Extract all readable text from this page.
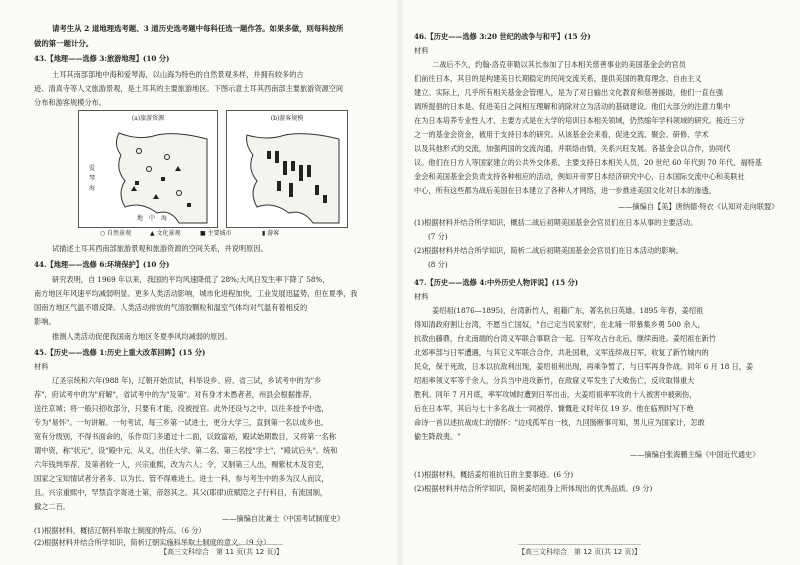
请考生从 2 道地理选考题、3 道历史选考题中每科任选一题作答。如果多做，则每科按所
做的第一题计分。
43.【地理——选修 3:旅游地理】(10 分)
土耳其南部部地中海和爱琴海，以山海为特色的自然景观多样，并拥有较多的古
迹、清真寺等人文旅游景观，是土耳其的主要旅游地区。下图示意土耳其西南部主要旅游资源空间
分布和游客规模分布。
(a)旅游资源
爱
琴
海
地 中 海
(b)游客规模
○ 自然景观	▲ 文化景观	■ 主要城市	▮ 游客
试描述土耳其西南部旅游景观和旅游资源的空间关系，并说明原因。
44.【地理——选修 6:环境保护】(10 分)
研究表明，自 1969 年以来，我国的平均风速降低了 28%;大风日发生率下降了 58%，
南方地区年风速平均减弱明显。更多人类活动影响，城市化进程加快，工业发展迅猛势，但在夏季，我
国南方地区气温不增反降。人类活动排放的气溶胶颗粒和温室气体均对气温有着相反的
影响。
推测人类活动促使我国南方地区冬夏季风均减弱的原因。
45.【历史——选修 1:历史上重大改革回眸】(15 分)
材料
辽圣宗统和六年(988 年)，辽朝开始贡试，科举设乡、府、省三试，乡试考中的为"乡
荐"，府试考中的为"府解"，省试考中的为"及第"。对有身才未愚者者，州县会根据推荐，
送往京城；将一般只招收部分，只要有才能，没被授官。此外还设与之中，以往多授予中选，
专为"易怀"。一句讲解。一句考试，每三乡第一试进士，更分大学三，直到第一名以成乡也、
宽有分级别，不得书面命的，乐作页门多通过十二面，以致富裕，殿试始期数目，又将第一名称
谓中资，称"状元"，设"殿中元、从义，出任大学、第二名、第三名授"学士"，"殿试后头"。统和
六年钱判举荐、及第者较一人，兴宗重熙，改为六人；令，又制第三人出，赐紫杖木及官吏，
国家之宝知情试者分者多、以为长、管不得难进士。进士一科，参与考生中的多为汉人而议，
且。兴宗重熙中，罕禁直学寄进士第，帝怒其之。其父(耶律)庶赋陪之子行科目，有流国制，
撤之二百。
——摘编自沈兼士《中国考试制度史》
(1)根据材料，概括辽朝科举取士制度的特点。（6 分）
(2)根据材料并结合所学知识，简析辽朝实施科举取士制度的意义。（9 分）
【高三文科综合　第 11 页(共 12 页)】
46.【历史——选修 3:20 世纪的战争与和平】(15 分)
材料
二战后不久，约翰·洛克菲勒以其长参加了日本相关慈善事业的美国基金会的官员
们前往日本，其目的是构建美日长期稳定的民间交流关系，提供美国的教育理念、自由主义
建立。实际上，几乎所有相关基金会管理人，是为了对日输出文化教育和慈善援助，他们一直在强
调所提倡的日本是、促进美日之间相互理解和消除对立为活动的基础建设。他们大部分的注意力集中
在为日本培养专业性人才，主要方式是在大学的培训日本相关领域，仍然缩年学科领域的研究。接近三分
之一的基金会资金，被用于支持日本的研究。从该基金会来看，促进交流、聚会、研修、学术
以及其他形式的交流，加强两国的交流沟通，并联络由情，关系兴旺发展。各基金会以合作，协同代
议。他们在日方人等国家建立的公共外交体系，主要支持日本相关人员，20 世纪 60 年代到 70 年代，福特基
金会和美国基金会负责支持各种相应的活动，例如开帝罗日本经济研究中心，日本国际交流中心和美联社
中心，所有这些都为战后美国在日本建立了各种人才网络，进一步推进美国文化对日本的渗透。
——摘编自【美】唐纳德·特衣《认知对走向联盟》
(1)根据材料并结合所学知识，概括二战后初期美国基金会官员们在日本从事的主要活动。
(7 分)
(2)根据材料并结合所学知识，简析二战后初期美国基金会官员们在日本活动的影响。
(8 分)
47.【历史——选修 4:中外历史人物评说】(15 分)
材料
姜绍祖(1876—1895)，台湾新竹人，祖籍广东，著名抗日英雄。1895 年春，姜绍祖
得知清政府割让台湾，不愿当亡国奴，"自己定当民家财"，在北埔一带慕集乡勇 500 余人，
抗敌由藤鼎，台北南端的台湾义军联合事联合一起。日军攻占台北后，继续南进。姜绍祖在新竹
北郊率部与日军遭遇，与其它义军联合合作，共赴国难，义军连续战日军，收复了新竹城内的
民众，保于死敌，日本以抗敌利出现，姜绍祖利出现，再乘争暂了，与日军再身作战。同年 6 月 18 日，姜
绍祖率领义军等千余人，分兵当中进攻新竹，在敌窟义军发生了大败伤亡，反攻取得重大
胜利。同年 7 月月底，率军攻城时遭到日军出击，大姜绍祖率军攻的十人被害中被刺伤，
后在日本军，其后与七十多名战士一同被俘，慷慨赴义时年仅 19 岁。他在临刑时写下绝
命诗一首以述抗战成仁的情怀："边戍孤军自一枝，九回肠断事可知，男儿应为国家计，怎敢
偷生降敌夷。"
——摘编自张海鹏主编《中国近代通史》
(1)根据材料，概括姜绍祖抗日的主要事迹。(6 分)
(2)根据材料并结合所学知识，简析姜绍祖身上所体现出的优秀品质。(9 分)
【高三文科综合　第 12 页(共 12 页)】
